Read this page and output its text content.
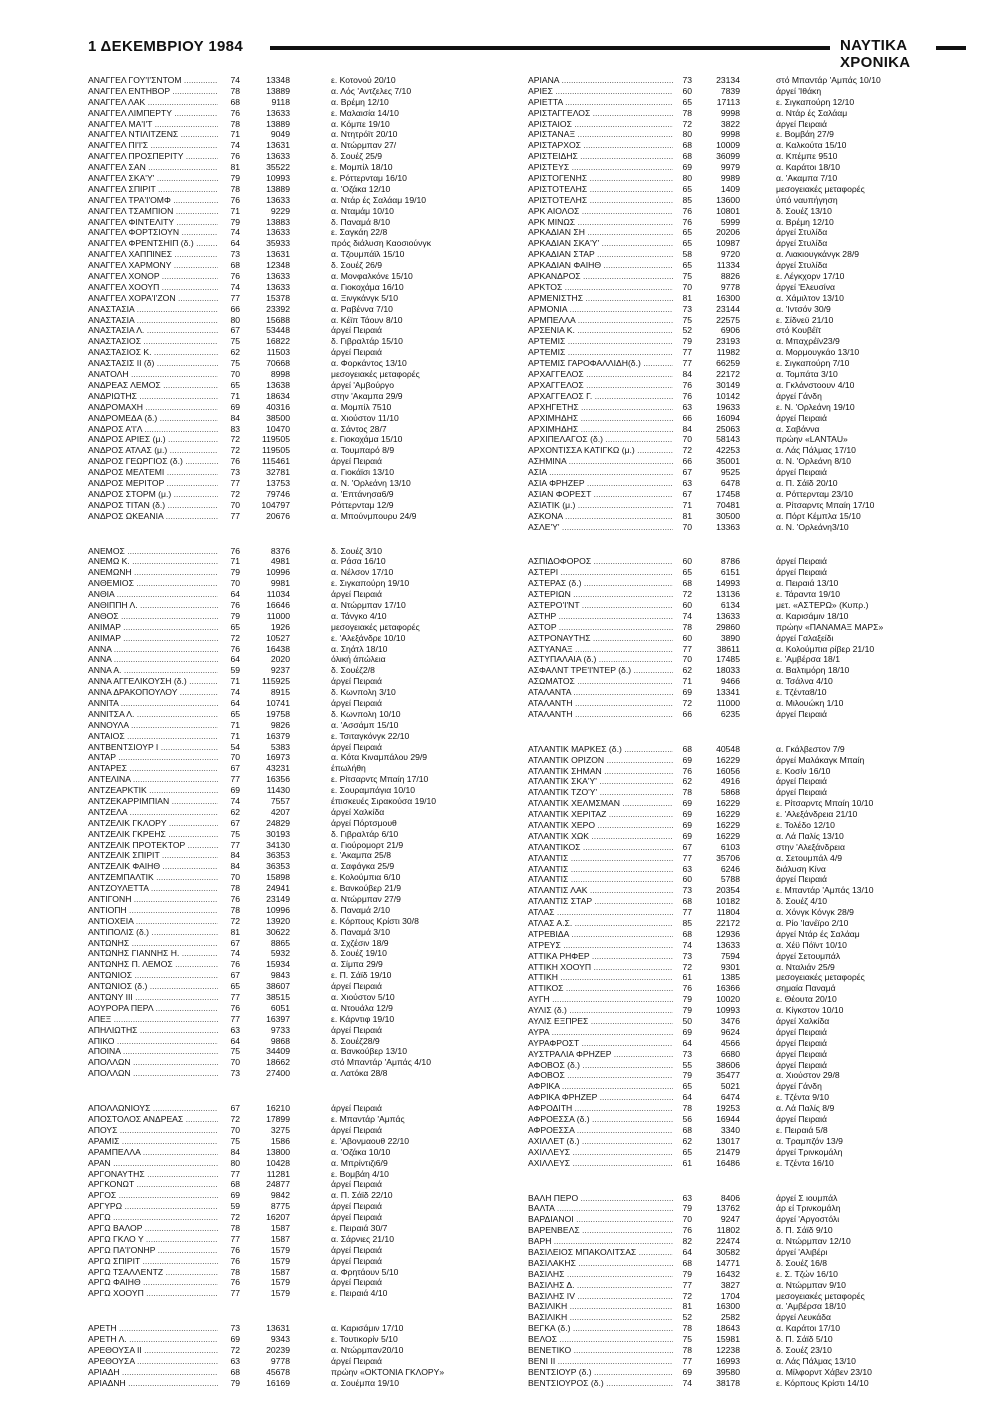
1 ΔΕΚΕΜΒΡΙΟΥ 1984	ΝΑΥΤΙΚΑ ΧΡΟΝΙΚΑ
ΑΝΑΓΓΕΛ ΓΟΥ'Ι'ΣΝΤΟΜ .....	74	13348	ε. Κοτονού 20/10
ΑΝΑΓΓΕΛ ΕΝΤΗΒΟΡ .....	78	13889	α. Λός 'Αντζελες 7/10
ΑΝΑΓΓΕΛ ΛΑΚ .....	68	9118	α. Βρέμη 12/10
ΑΝΑΓΓΕΛ ΛΙΜΠΕΡΤΥ .....	76	13633	ε. Μαλαισία 14/10
ΑΝΑΓΓΕΛ ΜΑ'Ι'Τ .....	78	13889	α. Κόμπε 19/10
ΑΝΑΓΓΕΛ ΝΤΙΛΙΤΖΕΝΣ .....	71	9049	α. Ντητρόϊτ 20/10
ΑΝΑΓΓΕΛ ΠΙ'Ι'Σ .....	74	13631	α. Ντώρμπαν 27/
ΑΝΑΓΓΕΛ ΠΡΟΣΠΕΡΙΤΥ .....	76	13633	δ. Σουέζ 25/9
ΑΝΑΓΓΕΛ ΣΑΝ .....	81	35522	ε. Μομπίλ 18/10
ΑΝΑΓΓΕΛ ΣΚΑ'Υ' .....	79	10993	ε. Ρόττερνταμ 16/10
ΑΝΑΓΓΕΛ ΣΠΙΡΙΤ .....	78	13889	α. 'Οζάκα 12/10
ΑΝΑΓΓΕΛ ΤΡΑ'Ι'ΟΜΦ .....	76	13633	α. Ντάρ ές Σαλάαμ 19/10
ΑΝΑΓΓΕΛ ΤΣΑΜΠΙΟΝ .....	71	9229	α. Νταμάμ 10/10
ΑΝΑΓΓΕΛ ΦΙΝΤΕΛΙΤΥ .....	79	13883	δ. Παναμά 8/10
ΑΝΑΓΓΕΛ ΦΟΡΤΣΙΟΥΝ .....	74	13633	ε. Σαγκάη 22/8
ΑΝΑΓΓΕΛ ΦΡΕΝΤΣΗΙΠ (δ.) .....	64	35933	πρός διάλυση Καοσιούνγκ
ΑΝΑΓΓΕΛ ΧΑΠΠΙΝΕΣ .....	73	13631	α. Τζουμπάϊλ 15/10
ΑΝΑΓΓΕΛ ΧΑΡΜΟΝΥ .....	68	12348	δ. Σουέζ 26/9
ΑΝΑΓΓΕΛ ΧΟΝΟΡ .....	76	13633	α. Μονφαλκόνε 15/10
ΑΝΑΓΓΕΛ ΧΟΟΥΠ .....	74	13633	α. Γιοκοχάμα 16/10
ΑΝΑΓΓΕΛ ΧΟΡΑ'Ι'ΖΟΝ .....	77	15378	α. Ξινγκάνγκ 5/10
ΑΝΑΣΤΑΣΙΑ .....	66	23392	α. Ραβέννα 7/10
ΑΝΑΣΤΑΣΙΑ .....	80	15688	α. Κέϊπ Τάουν 8/10
ΑΝΑΣΤΑΣΙΑ Λ. .....	67	53448	άργεί Πειραιά
ΑΝΑΣΤΑΣΙΟΣ .....	75	16822	δ. Γιβραλτάρ 15/10
ΑΝΑΣΤΑΣΙΟΣ Κ. .....	62	11503	άργεί Πειραιά
ΑΝΑΣΤΑΣΙΣ ΙΙ (δ) .....	75	70668	α. Φορκάντος 13/10
ΑΝΑΤΟΛΗ .....	70	8998	μεσογειακές μεταφορές
ΑΝΔΡΕΑΣ ΛΕΜΟΣ .....	65	13638	άργεί 'Αμβούργο
ΑΝΔΡΙΩΤΗΣ .....	71	18634	στην 'Ακαμπα 29/9
ΑΝΔΡΟΜΑΧΗ .....	69	40316	α. Μομπίλ 7510
ΑΝΔΡΟΜΕΔΑ (δ.) .....	84	38500	α. Χιούστον 11/10
ΑΝΔΡΟΣ Α'Ι'Λ .....	83	10470	α. Σάντος 28/7
ΑΝΔΡΟΣ ΑΡΙΕΣ (μ.) .....	72	119505	ε. Γιοκοχάμα 15/10
ΑΝΔΡΟΣ ΑΤΛΑΣ (μ.) .....	72	119505	α. Τουμπαρό 8/9
ΑΝΔΡΟΣ ΓΕΩΡΓΙΟΣ (δ.) .....	76	115461	άργεί Πειραιά
ΑΝΔΡΟΣ ΜΕΛΤΕΜΙ .....	73	32781	α. Γιοκάϊσι 13/10
ΑΝΔΡΟΣ ΜΕΡΙΤΟΡ .....	77	13753	α. Ν. 'Ορλεάνη 13/10
ΑΝΔΡΟΣ ΣΤΟΡΜ (μ.) .....	72	79746	α. 'Επτάνησα6/9
ΑΝΔΡΟΣ ΤΙΤΑΝ (δ.) .....	70	104797	Ρόττερνταμ 12/9
ΑΝΔΡΟΣ ΩΚΕΑΝΙΑ .....	77	20676	α. Μπούνμπουρυ 24/9
ΑΝΕΜΟΣ .....	76	8376	δ. Σουέζ 3/10
ΑΝΕΜΩ Κ. .....	71	4981	α. Ράσα 16/10
ΑΝΕΜΩΝΗ .....	79	10996	α. Νέλσον 17/10
ΑΝΘΕΜΙΟΣ .....	70	9981	ε. Σιγκαπούρη 19/10
ΑΝΘΙΑ .....	64	11034	άργεί Πειραιά
ΑΝΘΙΠΠΗ Λ. .....	76	16646	α. Ντώρμπαν 17/10
ΑΝΘΟΣ .....	79	11000	α. Τάνγκο 4/10
ΑΝΙΜΑΡ .....	65	1926	μεσογειακές μεταφορές
ΑΝΙΜΑΡ .....	72	10527	ε. 'Αλεξάνδρε 10/10
ΑΝΝΑ .....	76	16438	α. Σηάτλ 18/10
ΑΝΝΑ .....	64	2020	όλική άπώλεια
ΑΝΝΑ Α. .....	59	9237	δ. Σουέζ2/8
ΑΝΝΑ ΑΓΓΕΛΙΚΟΥΣΗ (δ.) .....	71	115925	άργεί Πειραιά
ΑΝΝΑ ΔΡΑΚΟΠΟΥΛΟΥ .....	74	8915	δ. Κωνπολη 3/10
ΑΝΝΙΤΑ .....	64	10741	άργεί Πειραιά
ΑΝΝΙΤΣΑ Λ. .....	65	19758	δ. Κωνπολη 10/10
ΑΝΝΟΥΛΑ .....	71	9826	α. 'Ασσάμπ 15/10
ΑΝΤΑΙΟΣ .....	71	16379	ε. Τσιταγκόνγκ 22/10
ΑΝΤΒΕΝΤΣΙΟΥΡ Ι .....	54	5383	άργεί Πειραιά
ΑΝΤΑΡ .....	70	16973	α. Κότα Κιναμπάλου 29/9
ΑΝΤΑΡΕΣ .....	67	43231	έπωλήθη
ΑΝΤΕΛΙΝΑ .....	77	16356	ε. Ρίτσαρντς Μπαίη 17/10
ΑΝΤΖΕΑΡΚΤΙΚ .....	69	11430	ε. Σουραμπάγια 10/10
ΑΝΤΖΕΚΑΡΡΙΜΠΙΑΝ .....	74	7557	έπισκευές Σιρακούσα 19/10
ΑΝΤΖΕΛΑ .....	62	4207	άργεί Χαλκίδα
ΑΝΤΖΕΛΙΚ ΓΚΛΟΡΥ .....	67	24829	άργεί Πόρτσμουθ
ΑΝΤΖΕΛΙΚ ΓΚΡΕΗΣ .....	75	30193	δ. Γιβραλτάρ 6/10
ΑΝΤΖΕΛΙΚ ΠΡΟΤΕΚΤΟΡ .....	77	34130	α. Γιούρομορτ 21/9
ΑΝΤΖΕΛΙΚ ΣΠΙΡΙΤ .....	84	36353	ε. 'Ακαμπα 25/8
ΑΝΤΖΕΛΙΚ ΦΑΙΗΘ .....	84	36353	α. Σαφάγκα 25/9
ΑΝΤΖΕΜΠΑΛΤΙΚ .....	70	15898	ε. Κολούμπια 6/10
ΑΝΤΖΟΥΛΕΤΤΑ .....	78	24941	ε. Βανκούβερ 21/9
ΑΝΤΙΓΟΝΗ .....	76	23149	α. Ντώρμπαν 27/9
ΑΝΤΙΟΠΗ .....	78	10996	δ. Παναμά 2/10
ΑΝΤΙΟΧΕΙΑ .....	72	13920	ε. Κόρπους Κρίστι 30/8
ΑΝΤΙΠΟΛΙΣ (δ.) .....	81	30622	δ. Παναμά 3/10
ΑΝΤΩΝΗΣ .....	67	8865	α. Σχζέσιν 18/9
ΑΝΤΩΝΗΣ ΓΙΑΝΝΗΣ Η. .....	74	5932	δ. Σουέζ 19/10
ΑΝΤΩΝΗΣ Π. ΛΕΜΟΣ .....	76	15934	α. Σίμπα 29/9
ΑΝΤΩΝΙΟΣ .....	67	9843	ε. Π. Σάϊδ 19/10
ΑΝΤΩΝΙΟΣ (δ.) .....	65	38607	άργεί Πειραιά
ΑΝΤΩΝΥ ΙΙΙ .....	77	38515	α. Χιούστον 5/10
ΑΟΥΡΟΡΑ ΠΕΡΛ .....	76	6051	α. Ντουάλα 12/9
ΑΠΕΞ .....	77	16397	ε. Κάρντιφ 19/10
ΑΠΗΛΙΩΤΗΣ .....	63	9733	άργεί Πειραιά
ΑΠΙΚΟ .....	64	9868	δ. Σουέζ28/9
ΑΠΟΙΝΑ .....	75	34409	α. Βανκούβερ 13/10
ΑΠΟΛΛΩΝ .....	70	18662	στό Μπαντάρ 'Αμπάς 4/10
ΑΠΟΛΛΩΝ .....	73	27400	α. Λατόκα 28/8
ΑΠΟΛΛΩΝΙΟΥΣ .....	67	16210	άργεί Πειραιά
ΑΠΟΣΤΟΛΟΣ ΑΝΔΡΕΑΣ .....	72	17899	ε. Μπαντάρ 'Αμπάς
ΑΠΟΥΣ .....	70	3275	άργεί Πειραιά
ΑΡΑΜΙΣ .....	75	1586	ε. 'Αβονμαουθ 22/10
ΑΡΑΜΠΕΛΛΑ .....	84	13800	α. 'Οζάκα 10/10
ΑΡΑΝ .....	80	10428	α. Μπρίντιζι6/9
ΑΡΓΟΝΑΥΤΗΣ .....	77	11281	ε. Βομβάη 4/10
ΑΡΓΚΟΝΩΤ .....	68	24877	άργεί Πειραιά
ΑΡΓΟΣ .....	69	9842	α. Π. Σάϊδ 22/10
ΑΡΓΥΡΩ .....	59	8775	άργεί Πειραιά
ΑΡΓΩ .....	72	16207	άργεί Πειραιά
ΑΡΓΩ ΒΑΛΟΡ .....	78	1587	ε. Πειραιά 30/7
ΑΡΓΩ ΓΚΛΟ Υ .....	77	1587	α. Σάρνιες 21/10
ΑΡΓΩ ΠΑ'Ι'ΟΝΗΡ .....	76	1579	άργεί Πειραιά
ΑΡΓΩ ΣΠΙΡΙΤ .....	76	1579	άργεί Πειραιά
ΑΡΓΩ ΤΣΑΛΛΕΝΤΖ .....	78	1587	α. Φρητάουν 5/10
ΑΡΓΩ ΦΑΙΗΘ .....	76	1579	άργεί Πειραιά
ΑΡΓΩ ΧΟΟΥΠ .....	77	1579	ε. Πειραιά 4/10
ΑΡΕΤΗ .....	73	13631	α. Καρισάμιν 17/10
ΑΡΕΤΗ Λ. .....	69	9343	ε. Τουτικορίν 5/10
ΑΡΕΘΟΥΣΑ ΙΙ .....	72	20239	α. Ντώρμπαν20/10
ΑΡΕΘΟΥΣΑ .....	63	9778	άργεί Πειραιά
ΑΡΙΑΔΗ .....	68	45678	πρώην «ΟΚΤΟΝΙΑ ΓΚΛΟΡΥ»
ΑΡΙΑΔΝΗ .....	79	16169	α. Σουέμπα 19/10
ΑΡΙΑΝΑ .....	73	23134	στό Μπαντάρ 'Αμπάς 10/10
ΑΡΙΕΣ .....	60	7839	άργεί 'Ιθάκη
ΑΡΙΕΤΤΑ .....	65	17113	ε. Σιγκαπούρη 12/10
ΑΡΙΣΤΑΓΓΕΛΟΣ .....	78	9998	α. Ντάρ ές Σαλάαμ
ΑΡΙΣΤΑΙΟΣ .....	72	3822	άργεί Πειραιά
ΑΡΙΣΤΑΝΑΞ .....	80	9998	ε. Βομβάη 27/9
ΑΡΙΣΤΑΡΧΟΣ .....	68	10009	α. Καλκούτα 15/10
ΑΡΙΣΤΕΙΔΗΣ .....	68	36099	α. Κπέμπε 9510
ΑΡΙΣΤΕΥΣ .....	69	9979	α. Καράτοι 18/10
ΑΡΙΣΤΟΓΕΝΗΣ .....	80	9989	α. 'Ακαμπα 7/10
ΑΡΙΣΤΟΤΕΛΗΣ .....	65	1409	μεσογειακές μεταφορές
ΑΡΙΣΤΟΤΕΛΗΣ .....	85	13600	ύπό ναυπήγηση
ΑΡΚ ΑΙΟΛΟΣ .....	76	10801	δ. Σουέζ 13/10
ΑΡΚ ΜΙΝΩΣ .....	76	5999	α. Βρέμη 12/10
ΑΡΚΑΔΙΑΝ ΣΗ .....	65	20206	άργεί Στυλίδα
ΑΡΚΑΔΙΑΝ ΣΚΑ'Υ' .....	65	10987	άργεί Στυλίδα
ΑΡΚΑΔΙΑΝ ΣΤΑΡ .....	58	9720	α. Λιακιουγκάνγκ 28/9
ΑΡΚΑΔΙΑΝ ΦΑΙΗΘ .....	65	11334	άργεί Στυλίδα
ΑΡΚΑΝΔΡΟΣ .....	75	8826	ε. Λέγκχορν 17/10
ΑΡΚΤΟΣ .....	70	9778	άργεί 'Ελευσίνα
ΑΡΜΕΝΙΣΤΗΣ .....	81	16300	α. Χάμιλτον 13/10
ΑΡΜΟΝΙΑ .....	73	23144	α. 'Ιντσόν 30/9
ΑΡΜΠΕΛΛΑ .....	75	22575	ε. Σίδνεϋ 21/10
ΑΡΣΕΝΙΑ Κ. .....	52	6906	στό Κουβέϊτ
ΑΡΤΕΜΙΣ .....	79	23193	α. Μπαχρέϊν23/9
ΑΡΤΕΜΙΣ .....	77	11982	α. Μορμουγκάο 13/10
ΑΡΤΕΜΙΣ ΓΑΡΟΦΑΛΛΙΔΗ(δ.) .....	77	66259	ε. Σιγκαπούρη 7/10
ΑΡΧΑΓΓΕΛΟΣ .....	84	22172	α. Τομπάτα 3/10
ΑΡΧΑΓΓΕΛΟΣ .....	76	30149	α. Γκλάνστοουν 4/10
ΑΡΧΑΓΓΕΛΟΣ Γ. .....	76	10142	άργεί Γάνδη
ΑΡΧΗΓΕΤΗΣ .....	63	19633	ε. Ν. 'Ορλεάνη 19/10
ΑΡΧΙΜΗΔΗΣ .....	66	16094	άργεί Πειραιά
ΑΡΧΙΜΗΔΗΣ .....	84	25063	α. Σαβάννα
ΑΡΧΙΠΕΛΑΓΟΣ (δ.) .....	70	58143	πρώην «LANTAU»
ΑΡΧΟΝΤΙΣΣΑ ΚΑΤΙΓΚΩ (μ.) .....	72	42253	α. Λάς Πάλμας 17/10
ΑΣΗΜΙΝΑ .....	66	35001	α. Ν. 'Ορλεάνη 8/10
ΑΣΙΑ .....	67	9525	άργεί Πειραιά
ΑΣΙΑ ΦΡΗΖΕΡ .....	63	6478	α. Π. Σάϊδ 20/10
ΑΣΙΑΝ ΦΟΡΕΣΤ .....	67	17458	α. Ρόττερνταμ 23/10
ΑΣΙΑΤΙΚ (μ.) .....	71	70481	α. Ρίτσαρντς Μπαίη 17/10
ΑΣΚΟΝΑ .....	81	30500	α. Πόρτ Κέμπλα 15/10
ΑΣΛΕ'Υ' .....	70	13363	α. Ν. 'Ορλεάνη3/10
ΑΣΠΙΔΟΦΟΡΟΣ .....	60	8786	άργεί Πειραιά
ΑΣΤΕΡΙ .....	65	6151	άργεί Πειραιά
ΑΣΤΕΡΑΣ (δ.) .....	68	14993	α. Πειραιά 13/10
ΑΣΤΕΡΙΩΝ .....	72	13136	ε. Τάραντα 19/10
ΑΣΤΕΡΟ'Ι'ΝΤ .....	60	6134	μετ. «ΑΣΤΕΡΩ» (Κυπρ.)
ΑΣΤΗΡ .....	74	13633	α. Καρισάμιν 18/10
ΑΣΤΟΡ .....	78	29860	πρώην «ΠΑΝΑΜΑΞ ΜΑΡΣ»
ΑΣΤΡΟΝΑΥΤΗΣ .....	60	3890	άργεί Γαλαξείδι
ΑΣΤΥΑΝΑΞ .....	77	38611	α. Κολούμπια ρίβερ 21/10
ΑΣΤΥΠΑΛΑΙΑ (δ.) .....	70	17485	ε. 'Αμβέρσα 18/1
ΑΣΦΑΛΝΤ ΤΡΕ'Ι'ΝΤΕΡ (δ.) .....	62	18033	α. Βαλτιμόρη 18/10
ΑΣΩΜΑΤΟΣ .....	71	9466	α. Τσάλνα 4/10
ΑΤΑΛΑΝΤΑ .....	69	13341	ε. Τζέντα8/10
ΑΤΑΛΑΝΤΗ .....	72	11000	α. Μιλουώκη 1/10
ΑΤΑΛΑΝΤΗ .....	66	6235	άργεί Πειραιά
ΑΤΛΑΝΤΙΚ ΜΑΡΚΕΣ (δ.) .....	68	40548	α. Γκάλβεστον 7/9
ΑΤΛΑΝΤΙΚ ΟΡΙΖΟΝ .....	69	16229	άργεί Μαλάκαγκ Μπαίη
ΑΤΛΑΝΤΙΚ ΣΗΜΑΝ .....	76	16056	ε. Κοσίν 16/10
ΑΤΛΑΝΤΙΚ ΣΚΑ'Υ' .....	62	4916	άργεί Πειραιά
ΑΤΛΑΝΤΙΚ ΤΖΟ'Υ' .....	78	5868	άργεί Πειραιά
ΑΤΛΑΝΤΙΚ ΧΕΛΜΣΜΑΝ .....	69	16229	ε. Ρίτσαρντς Μπαίη 10/10
ΑΤΛΑΝΤΙΚ ΧΕΡΙΤΑΖ .....	69	16229	ε. 'Αλεξάνδρεια 21/10
ΑΤΛΑΝΤΙΚ ΧΕΡΟ .....	69	16229	ε. Τολέδο 12/10
ΑΤΛΑΝΤΙΚ ΧΩΚ .....	69	16229	α. Λά Παλίς 13/10
ΑΤΛΑΝΤΙΚΟΣ .....	67	6103	στην 'Αλεξάνδρεια
ΑΤΛΑΝΤΙΣ .....	77	35706	α. Σετουμπάλ 4/9
ΑΤΛΑΝΤΙΣ .....	63	6246	διάλυση Κίνα
ΑΤΛΑΝΤΙΣ .....	60	5788	άργεί Πειραιά
ΑΤΛΑΝΤΙΣ ΛΑΚ .....	73	20354	ε. Μπαντάρ 'Αμπάς 13/10
ΑΤΛΑΝΤΙΣ ΣΤΑΡ .....	68	10182	δ. Σουέζ 4/10
ΑΤΛΑΣ .....	77	11804	α. Χόνγκ Κόνγκ 28/9
ΑΤΛΑΣ Α.Σ. .....	85	22172	α. Ρίο 'Ιανέϊρο 2/10
ΑΤΡΕΒΙΔΑ .....	68	12936	άργεί Ντάρ ές Σαλάαμ
ΑΤΡΕΥΣ .....	74	13633	α. Χέϋ Πόϊντ 10/10
ΑΤΤΙΚΑ ΡΗΦΕΡ .....	73	7594	άργεί Σετουμπάλ
ΑΤΤΙΚΗ ΧΟΟΥΠ .....	72	9301	α. Νταλιάν 25/9
ΑΤΤΙΚΗ .....	61	1385	μεσογειακές μεταφορές
ΑΤΤΙΚΟΣ .....	76	16366	σημαία Παναμά
ΑΥΓΗ .....	79	10020	ε. Θέουτα 20/10
ΑΥΛΙΣ (δ.) .....	79	10993	α. Κίγκστον 10/10
ΑΥΛΙΣ ΕΞΠΡΕΣ .....	50	3476	άργεί Χαλκίδα
ΑΥΡΑ .....	69	9624	άργεί Πειραιά
ΑΥΡΑΦΡΟΣΤ .....	64	4566	άργεί Πειραιά
ΑΥΣΤΡΑΛΙΑ ΦΡΗΖΕΡ .....	73	6680	άργεί Πειραιά
ΑΦΟΒΟΣ (δ.) .....	55	38606	άργεί Πειραιά
ΑΦΟΒΟΣ .....	79	35477	α. Χιούστον 29/8
ΑΦΡΙΚΑ .....	65	5021	άργεί Γάνδη
ΑΦΡΙΚΑ ΦΡΗΖΕΡ .....	64	6474	ε. Τζέντα 9/10
ΑΦΡΟΔΙΤΗ .....	78	19253	α. Λά Παλίς 8/9
ΑΦΡΟΕΣΣΑ (δ.) .....	56	16944	άργεί Πειραιά
ΑΦΡΟΕΣΣΑ .....	68	3340	ε. Πειραιά 5/8
ΑΧΙΛΛΕΤ (δ.) .....	62	13017	α. Τραμπζόν 13/9
ΑΧΙΛΛΕΥΣ .....	65	21479	άργεί Τρινκομάλη
ΑΧΙΛΛΕΥΣ .....	61	16486	ε. Τζέντα 16/10
ΒΑΛΗ ΠΕΡΟ .....	63	8406	άργεί Σ ιουμπάλ
ΒΑΛΤΑ .....	79	13762	άρ εί Τρινκομάλη
ΒΑΡΔΙΑΝΟΙ .....	70	9247	άργεί 'Αργοστόλι
ΒΑΡΕΝΒΕΛΣ .....	76	11802	δ. Π. Σάϊδ 9/10
ΒΑΡΗ .....	82	22474	α. Ντώρμπαν 12/10
ΒΑΣΙΛΕΙΟΣ ΜΠΑΚΟΛΙΤΣΑΣ .....	64	30582	άργεί 'Αλιβέρι
ΒΑΣΙΛΑΚΗΣ .....	68	14771	δ. Σουέζ 16/8
ΒΑΣΙΛΗΣ .....	79	16432	ε. Σ. Τζών 16/10
ΒΑΣΙΛΗΣ Δ. .....	77	3827	α. Ντώρμπαν 9/10
ΒΑΣΙΛΗΣ ΙV .....	72	1704	μεσογειακές μεταφορές
ΒΑΣΙΛΙΚΗ .....	81	16300	α. 'Αμβέρσα 18/10
ΒΑΣΙΛΙΚΗ .....	52	2582	άργεί Λευκάδα
ΒΕΓΚΑ (δ.) .....	78	18643	α. Καράτοι 17/10
ΒΕΛΟΣ .....	75	15981	δ. Π. Σάϊδ 5/10
ΒΕΝΕΤΙΚΟ .....	78	12238	δ. Σουέζ 23/10
ΒΕΝΙ ΙΙ .....	77	16993	α. Λάς Πάλμας 13/10
ΒΕΝΤΣΙΟΥΡ (δ.) .....	69	39580	α. Μίλφορντ Χάβεν 23/10
ΒΕΝΤΣΙΟΥΡΟΣ (δ.) .....	74	38178	ε. Κόρπους Κρίστι 14/10
